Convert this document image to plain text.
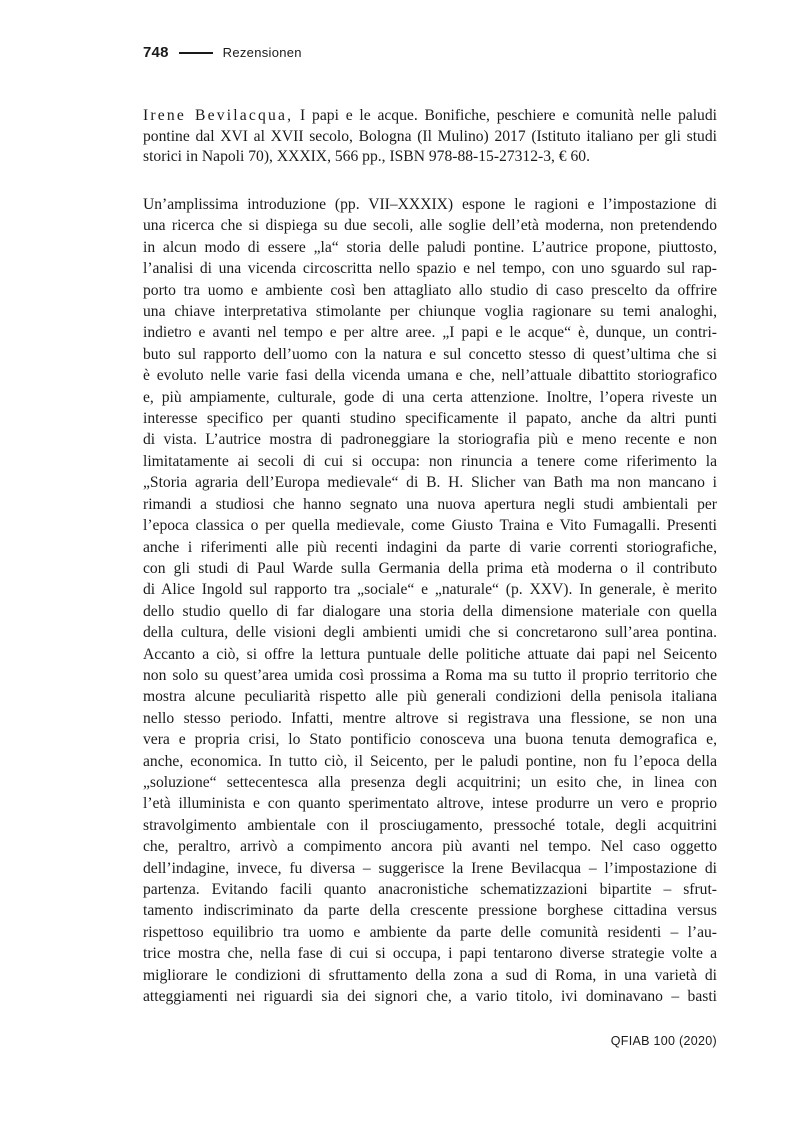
748	Rezensionen

Irene Bevilacqua, I papi e le acque. Bonifiche, peschiere e comunità nelle paludi
pontine dal XVI al XVII secolo, Bologna (Il Mulino) 2017 (Istituto italiano per gli studi
storici in Napoli 70), XXXIX, 566 pp., ISBN 978-88-15-27312-3, € 60.

Un’amplissima introduzione (pp. VII–XXXIX) espone le ragioni e l’impostazione di
una ricerca che si dispiega su due secoli, alle soglie dell’età moderna, non pretendendo
in alcun modo di essere „la“ storia delle paludi pontine. L’autrice propone, piuttosto,
l’analisi di una vicenda circoscritta nello spazio e nel tempo, con uno sguardo sul rap-
porto tra uomo e ambiente così ben attagliato allo studio di caso prescelto da offrire
una chiave interpretativa stimolante per chiunque voglia ragionare su temi analoghi,
indietro e avanti nel tempo e per altre aree. „I papi e le acque“ è, dunque, un contri-
buto sul rapporto dell’uomo con la natura e sul concetto stesso di quest’ultima che si
è evoluto nelle varie fasi della vicenda umana e che, nell’attuale dibattito storiografico
e, più ampiamente, culturale, gode di una certa attenzione. Inoltre, l’opera riveste un
interesse specifico per quanti studino specificamente il papato, anche da altri punti
di vista. L’autrice mostra di padroneggiare la storiografia più e meno recente e non
limitatamente ai secoli di cui si occupa: non rinuncia a tenere come riferimento la
„Storia agraria dell’Europa medievale“ di B. H. Slicher van Bath ma non mancano i
rimandi a studiosi che hanno segnato una nuova apertura negli studi ambientali per
l’epoca classica o per quella medievale, come Giusto Traina e Vito Fumagalli. Presenti
anche i riferimenti alle più recenti indagini da parte di varie correnti storiografiche,
con gli studi di Paul Warde sulla Germania della prima età moderna o il contributo
di Alice Ingold sul rapporto tra „sociale“ e „naturale“ (p. XXV). In generale, è merito
dello studio quello di far dialogare una storia della dimensione materiale con quella
della cultura, delle visioni degli ambienti umidi che si concretarono sull’area pontina.
Accanto a ciò, si offre la lettura puntuale delle politiche attuate dai papi nel Seicento
non solo su quest’area umida così prossima a Roma ma su tutto il proprio territorio che
mostra alcune peculiarità rispetto alle più generali condizioni della penisola italiana
nello stesso periodo. Infatti, mentre altrove si registrava una flessione, se non una
vera e propria crisi, lo Stato pontificio conosceva una buona tenuta demografica e,
anche, economica. In tutto ciò, il Seicento, per le paludi pontine, non fu l’epoca della
„soluzione“ settecentesca alla presenza degli acquitrini; un esito che, in linea con
l’età illuminista e con quanto sperimentato altrove, intese produrre un vero e proprio
stravolgimento ambientale con il prosciugamento, pressoché totale, degli acquitrini
che, peraltro, arrivò a compimento ancora più avanti nel tempo. Nel caso oggetto
dell’indagine, invece, fu diversa – suggerisce la Irene Bevilacqua – l’impostazione di
partenza. Evitando facili quanto anacronistiche schematizzazioni bipartite – sfrut-
tamento indiscriminato da parte della crescente pressione borghese cittadina versus
rispettoso equilibrio tra uomo e ambiente da parte delle comunità residenti – l’au-
trice mostra che, nella fase di cui si occupa, i papi tentarono diverse strategie volte a
migliorare le condizioni di sfruttamento della zona a sud di Roma, in una varietà di
atteggiamenti nei riguardi sia dei signori che, a vario titolo, ivi dominavano – basti

QFIAB 100 (2020)
